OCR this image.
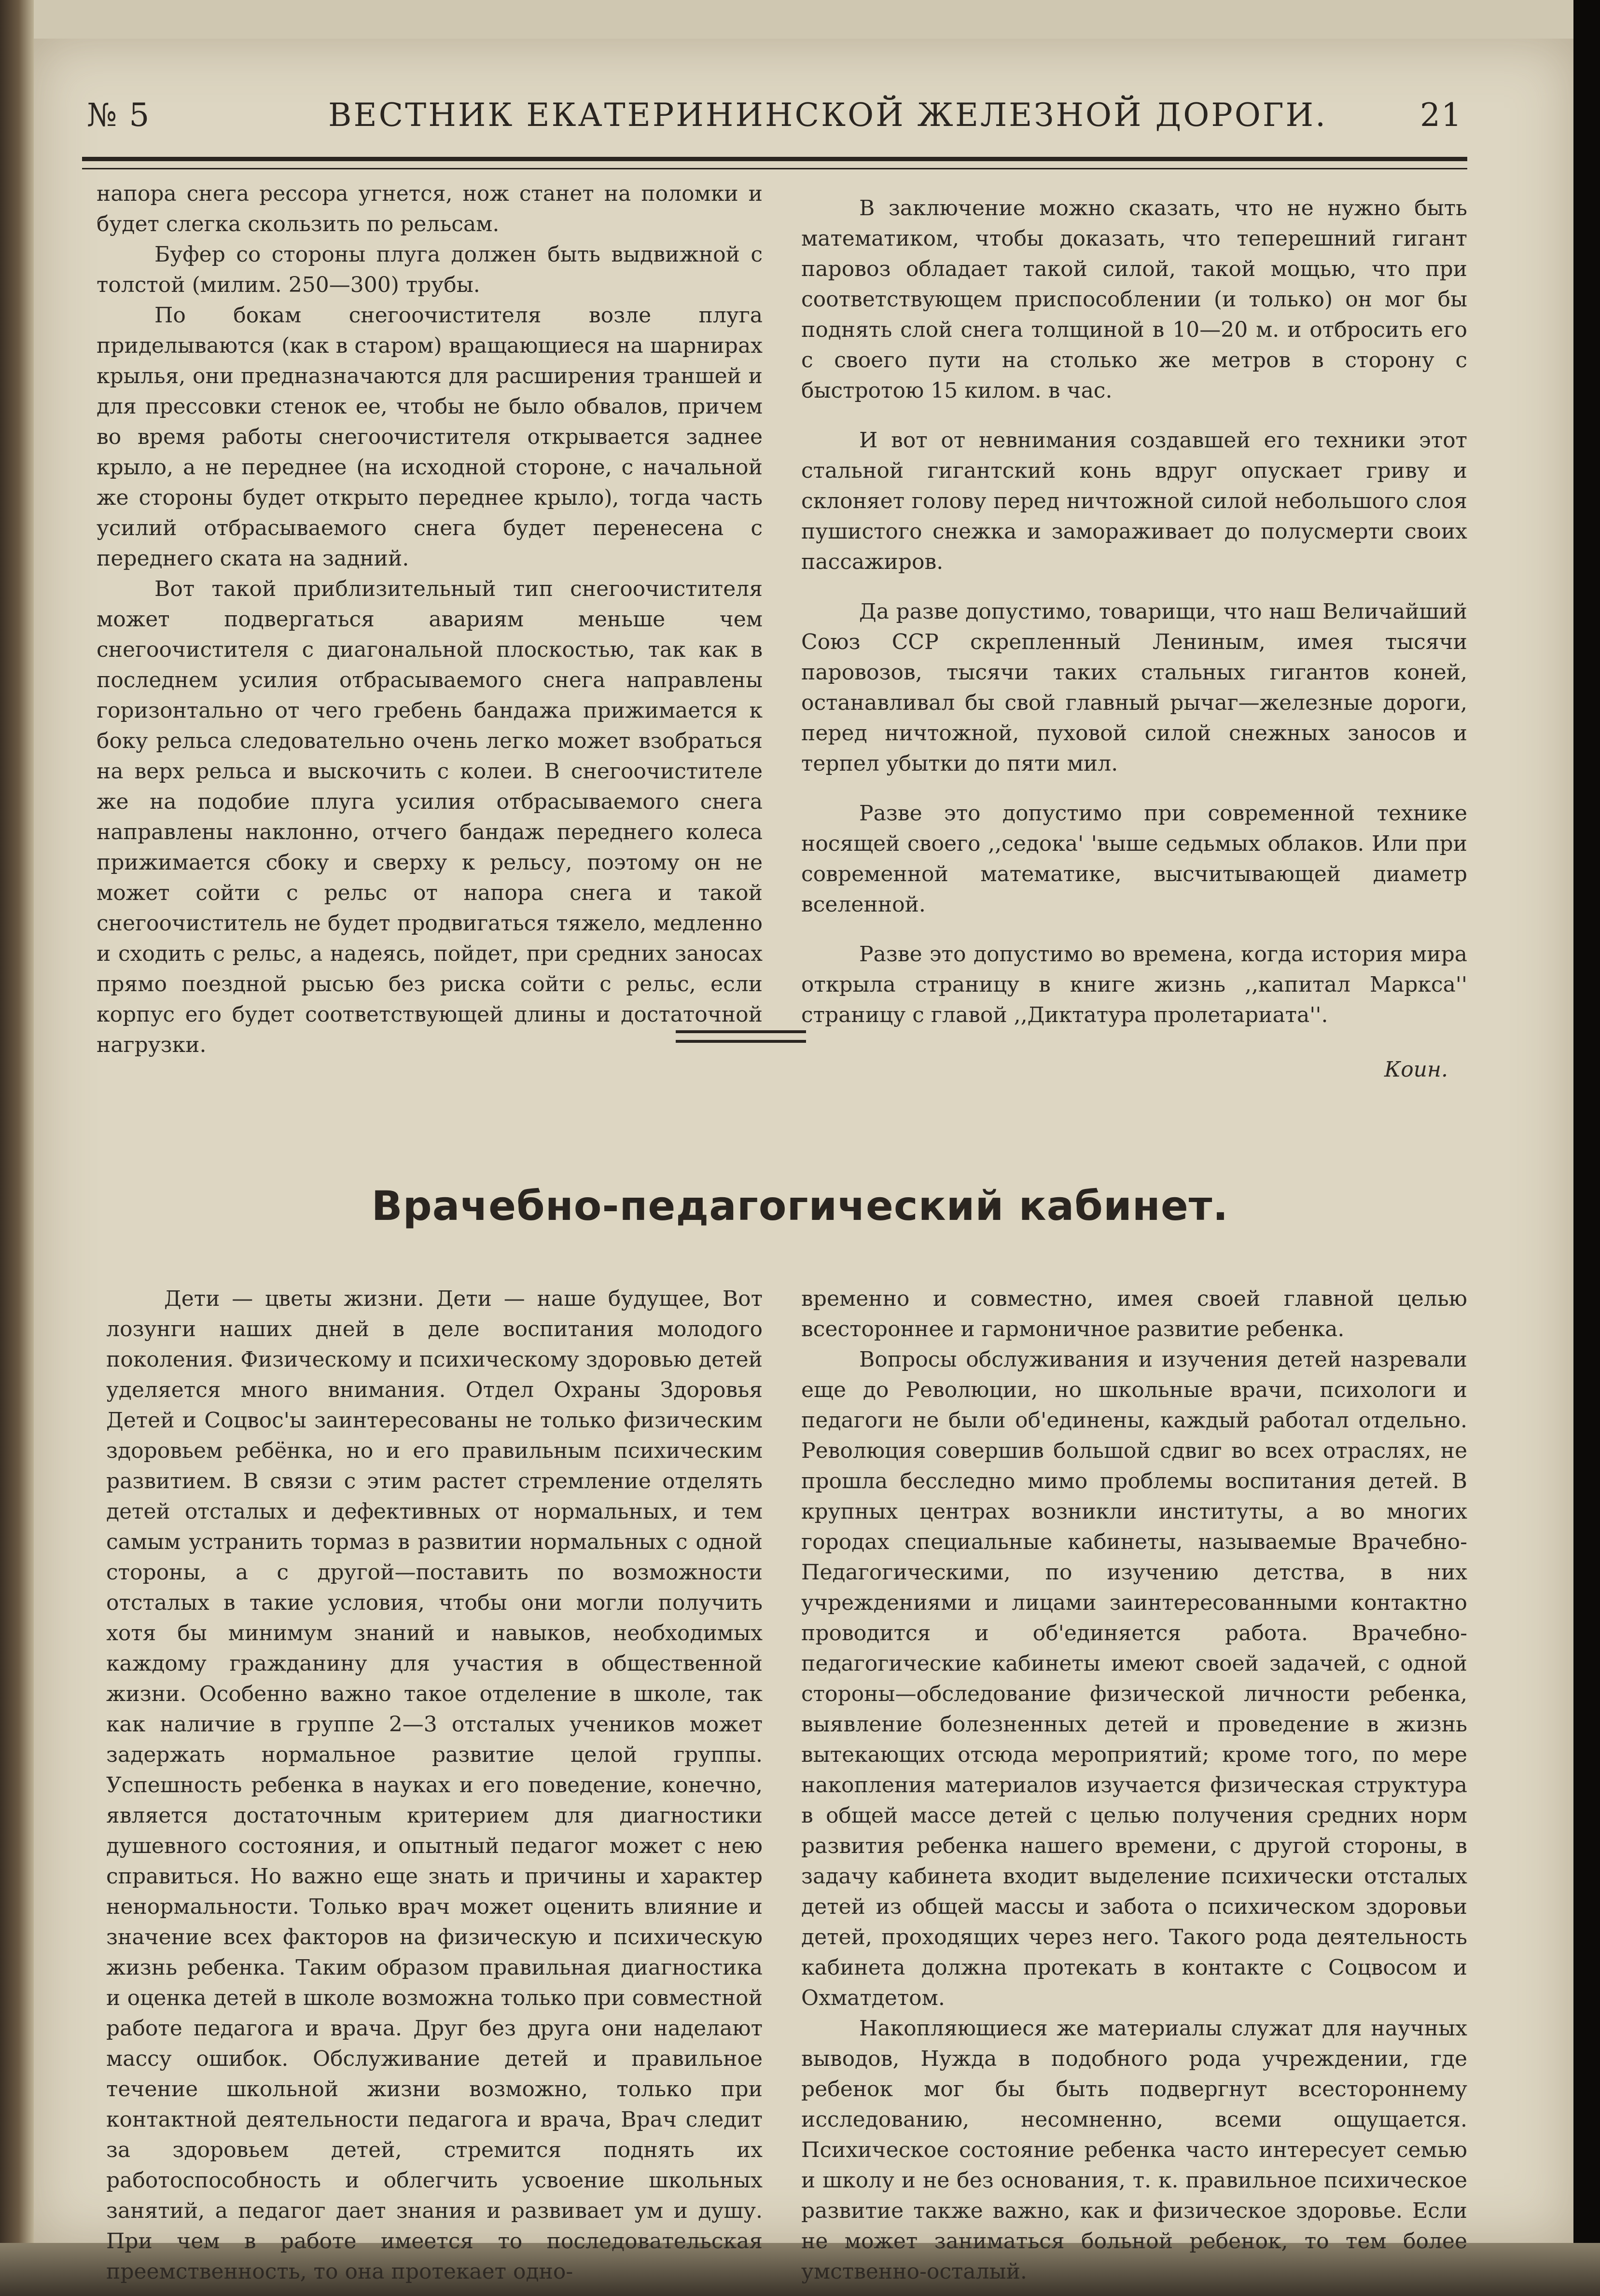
№ 5	ВЕСТНИК ЕКАТЕРИНИНСКОЙ ЖЕЛЕЗНОЙ ДОРОГИ.	21

напора снега рессора угнется, нож станет на поломки и будет слегка скользить по рельсам.

Буфер со стороны плуга должен быть выдвижной с толстой (милим. 250—300) трубы.

По бокам снегоочистителя возле плуга приделываются (как в старом) вращающиеся на шарнирах крылья, они предназначаются для расширения траншей и для прессовки стенок ее, чтобы не было обвалов, причем во время работы снегоочистителя открывается заднее крыло, а не переднее (на исходной стороне, с начальной же стороны будет открыто переднее крыло), тогда часть усилий отбрасываемого снега будет перенесена с переднего ската на задний.

Вот такой приблизительный тип снегоочистителя может подвергаться авариям меньше чем снегоочистителя с диагональной плоскостью, так как в последнем усилия отбрасываемого снега направлены горизонтально от чего гребень бандажа прижимается к боку рельса следовательно очень легко может взобраться на верх рельса и выскочить с колеи. В снегоочистителе же на подобие плуга усилия отбрасываемого снега направлены наклонно, отчего бандаж переднего колеса прижимается сбоку и сверху к рельсу, поэтому он не может сойти с рельс от напора снега и такой снегоочиститель не будет продвигаться тяжело, медленно и сходить с рельс, а надеясь, пойдет, при средних заносах прямо поездной рысью без риска сойти с рельс, если корпус его будет соответствующей длины и достаточной нагрузки.

В заключение можно сказать, что не нужно быть математиком, чтобы доказать, что теперешний гигант паровоз обладает такой силой, такой мощью, что при соответствующем приспособлении (и только) он мог бы поднять слой снега толщиной в 10—20 м. и отбросить его с своего пути на столько же метров в сторону с быстротою 15 килом. в час.

И вот от невнимания создавшей его техники этот стальной гигантский конь вдруг опускает гриву и склоняет голову перед ничтожной силой небольшого слоя пушистого снежка и замораживает до полусмерти своих пассажиров.

Да разве допустимо, товарищи, что наш Величайший Союз ССР скрепленный Лениным, имея тысячи паровозов, тысячи таких стальных гигантов коней, останавливал бы свой главный рычаг—железные дороги, перед ничтожной, пуховой силой снежных заносов и терпел убытки до пяти мил.

Разве это допустимо при современной технике носящей своего ,,седока' 'выше седьмых облаков. Или при современной математике, высчитывающей диаметр вселенной.

Разве это допустимо во времена, когда история мира открыла страницу в книге жизнь ,,капитал Маркса'' страницу с главой ,,Диктатура пролетариата''.

Коин.
Врачебно-педагогический кабинет.

Дети — цветы жизни. Дети — наше будущее, Вот лозунги наших дней в деле воспитания молодого поколения. Физическому и психическому здоровью детей уделяется много внимания. Отдел Охраны Здоровья Детей и Соцвос'ы заинтересованы не только физическим здоровьем ребёнка, но и его правильным психическим развитием. В связи с этим растет стремление отделять детей отсталых и дефективных от нормальных, и тем самым устранить тормаз в развитии нормальных с одной стороны, а с другой—поставить по возможности отсталых в такие условия, чтобы они могли получить хотя бы минимум знаний и навыков, необходимых каждому гражданину для участия в общественной жизни. Особенно важно такое отделение в школе, так как наличие в группе 2—3 отсталых учеников может задержать нормальное развитие целой группы. Успешность ребенка в науках и его поведение, конечно, является достаточным критерием для диагностики душевного состояния, и опытный педагог может с нею справиться. Но важно еще знать и причины и характер ненормальности. Только врач может оценить влияние и значение всех факторов на физическую и психическую жизнь ребенка. Таким образом правильная диагностика и оценка детей в школе возможна только при совместной работе педагога и врача. Друг без друга они наделают массу ошибок. Обслуживание детей и правильное течение школьной жизни возможно, только при контактной деятельности педагога и врача, Врач следит за здоровьем детей, стремится поднять их работоспособность и облегчить усвоение школьных занятий, а педагог дает знания и развивает ум и душу. При чем в работе имеется то последовательская преемственность, то она протекает одно-

временно и совместно, имея своей главной целью всестороннее и гармоничное развитие ребенка.

Вопросы обслуживания и изучения детей назревали еще до Революции, но школьные врачи, психологи и педагоги не были об'единены, каждый работал отдельно. Революция совершив большой сдвиг во всех отраслях, не прошла бесследно мимо проблемы воспитания детей. В крупных центрах возникли институты, а во многих городах специальные кабинеты, называемые Врачебно-Педагогическими, по изучению детства, в них учреждениями и лицами заинтересованными контактно проводится и об'единяется работа. Врачебно-педагогические кабинеты имеют своей задачей, с одной стороны—обследование физической личности ребенка, выявление болезненных детей и проведение в жизнь вытекающих отсюда мероприятий; кроме того, по мере накопления материалов изучается физическая структура в общей массе детей с целью получения средних норм развития ребенка нашего времени, с другой стороны, в задачу кабинета входит выделение психически отсталых детей из общей массы и забота о психическом здоровьи детей, проходящих через него. Такого рода деятельность кабинета должна протекать в контакте с Соцвосом и Охматдетом.

Накопляющиеся же материалы служат для научных выводов, Нужда в подобного рода учреждении, где ребенок мог бы быть подвергнут всестороннему исследованию, несомненно, всеми ощущается. Психическое состояние ребенка часто интересует семью и школу и не без основания, т. к. правильное психическое развитие также важно, как и физическое здоровье. Если не может заниматься больной ребенок, то тем более умственно-осталый.
